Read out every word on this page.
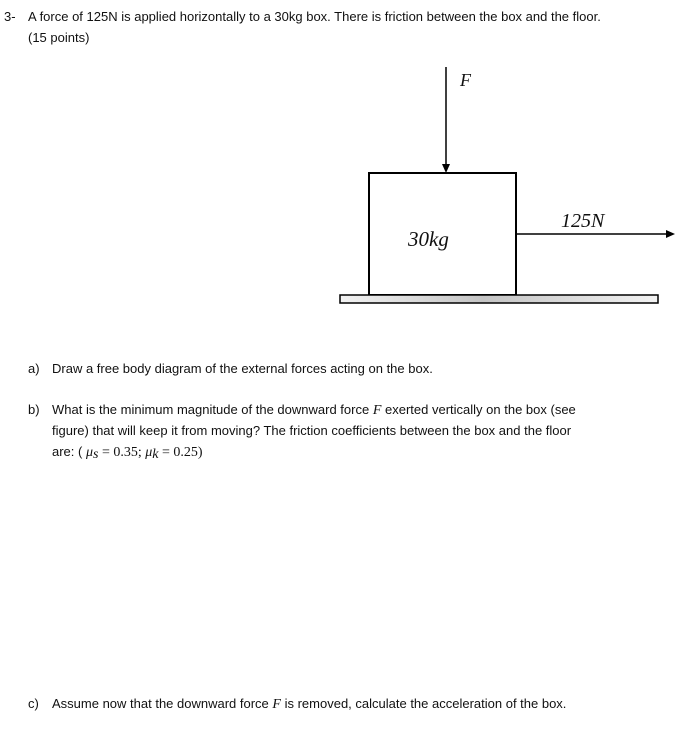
3- A force of 125N is applied horizontally to a 30kg box. There is friction between the box and the floor.
(15 points)
F
30kg
125N
a) Draw a free body diagram of the external forces acting on the box.
b) What is the minimum magnitude of the downward force F exerted vertically on the box (see
figure) that will keep it from moving? The friction coefficients between the box and the floor
are: ( $\mu_s = 0.35$; $\mu_k = 0.25$)
c) Assume now that the downward force F is removed, calculate the acceleration of the box.
